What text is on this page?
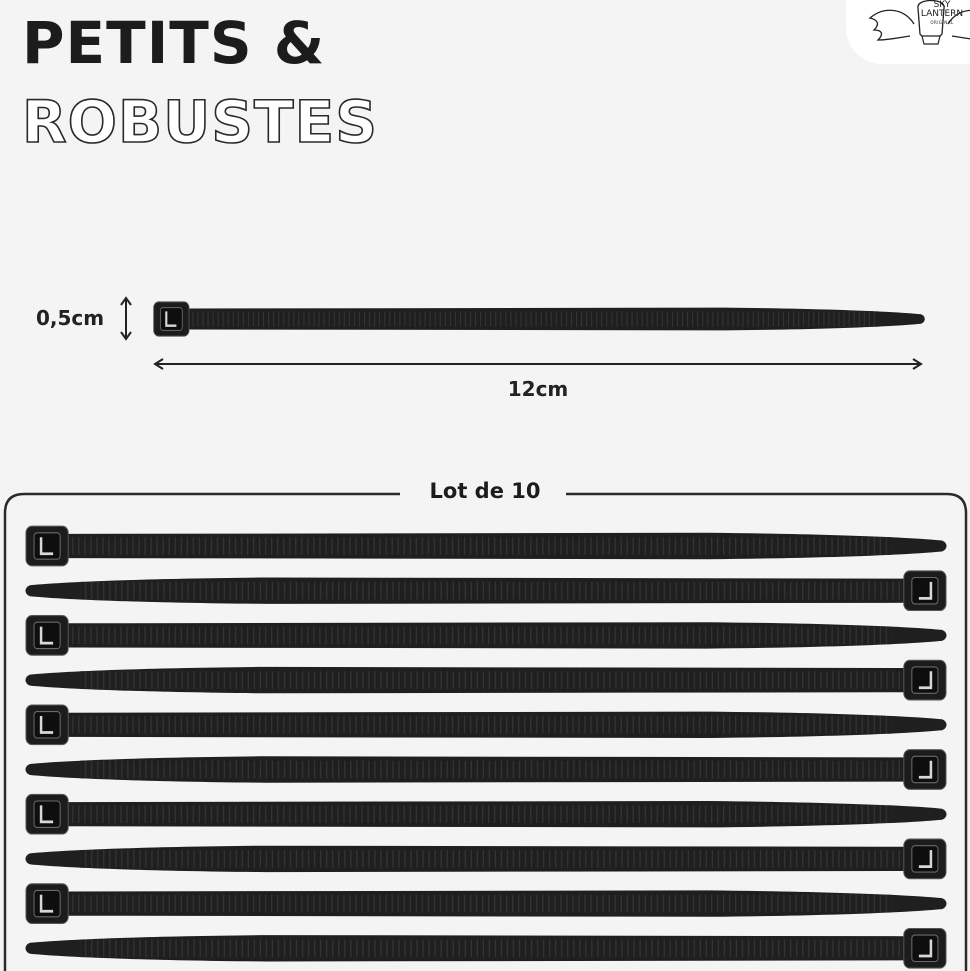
PETITS &
ROBUSTES
SKY
LANTERN
ORIGINAL
0,5cm
12cm
Lot de 10
